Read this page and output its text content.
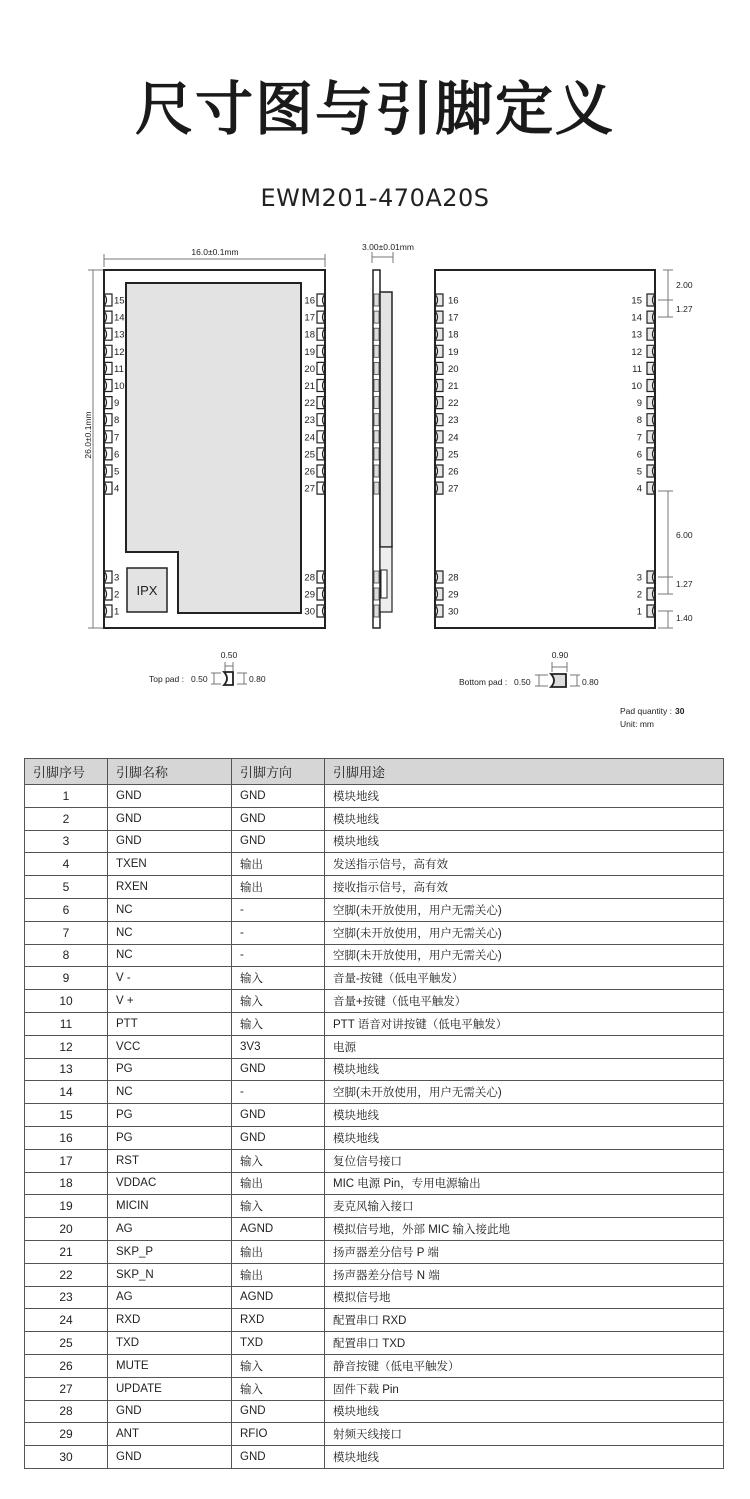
尺寸图与引脚定义
EWM201-470A20S
16.0±0.1mm
26.0±0.1mm
IPX
15
14
13
12
11
10
9
8
7
6
5
4
3
2
1
16
17
18
19
20
21
22
23
24
25
26
27
28
29
30
3.00±0.01mm
16
17
18
19
20
21
22
23
24
25
26
27
28
29
30
15
14
13
12
11
10
9
8
7
6
5
4
3
2
1
2.00
1.27
6.00
1.27
1.40
Top pad : 0.50
0.50
0.80	Bottom pad : 0.50
0.90
0.80
Pad quantity : 30
Unit: mm
引脚序号	引脚名称	引脚方向	引脚用途
1	GND	GND	模块地线
2	GND	GND	模块地线
3	GND	GND	模块地线
4	TXEN	输出	发送指示信号，高有效
5	RXEN	输出	接收指示信号，高有效
6	NC	-	空脚(未开放使用，用户无需关心)
7	NC	-	空脚(未开放使用，用户无需关心)
8	NC	-	空脚(未开放使用，用户无需关心)
9	V -	输入	音量-按键（低电平触发）
10	V +	输入	音量+按键（低电平触发）
11	PTT	输入	PTT 语音对讲按键（低电平触发）
12	VCC	3V3	电源
13	PG	GND	模块地线
14	NC	-	空脚(未开放使用，用户无需关心)
15	PG	GND	模块地线
16	PG	GND	模块地线
17	RST	输入	复位信号接口
18	VDDAC	输出	MIC 电源 Pin，专用电源输出
19	MICIN	输入	麦克风输入接口
20	AG	AGND	模拟信号地，外部 MIC 输入接此地
21	SKP_P	输出	扬声器差分信号 P 端
22	SKP_N	输出	扬声器差分信号 N 端
23	AG	AGND	模拟信号地
24	RXD	RXD	配置串口 RXD
25	TXD	TXD	配置串口 TXD
26	MUTE	输入	静音按键（低电平触发）
27	UPDATE	输入	固件下载 Pin
28	GND	GND	模块地线
29	ANT	RFIO	射频天线接口
30	GND	GND	模块地线
